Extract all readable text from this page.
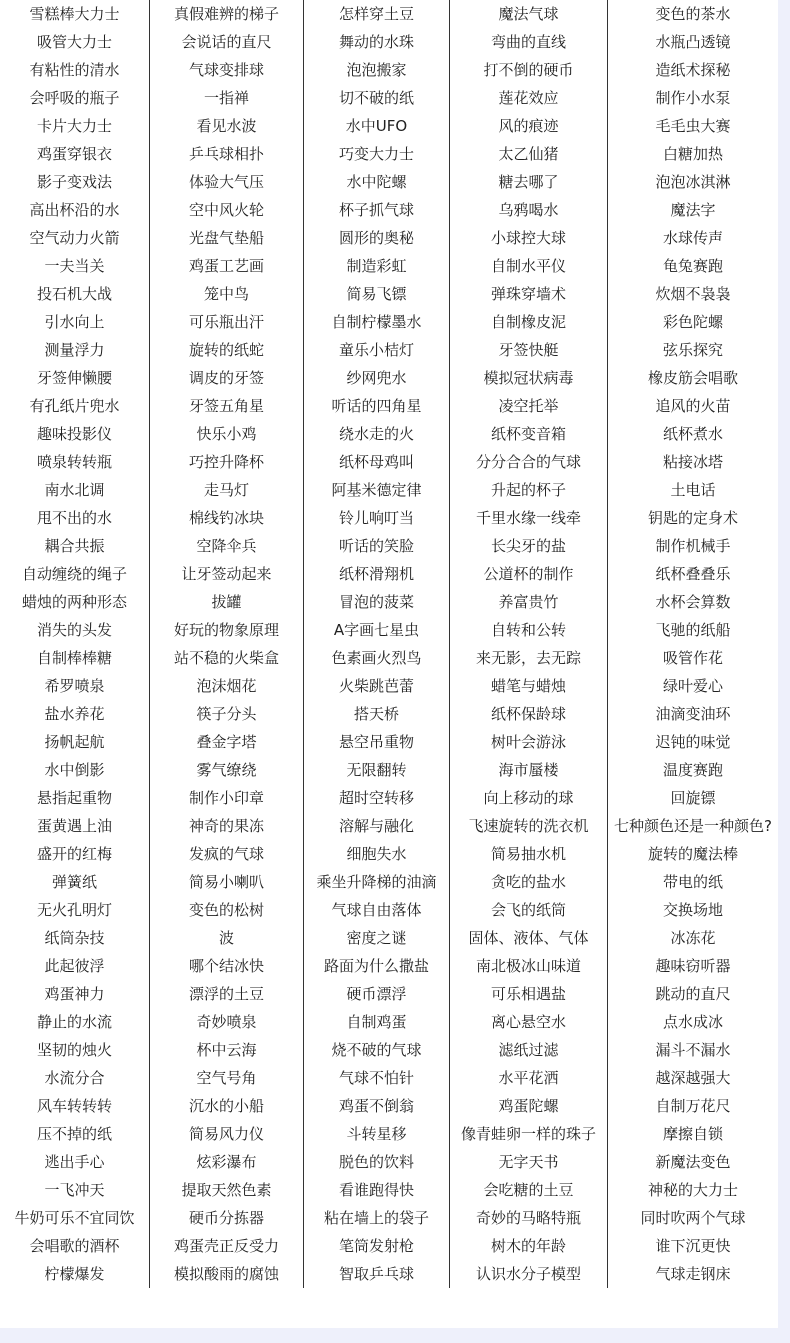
雪糕棒大力士	真假难辨的梯子	怎样穿土豆	魔法气球	变色的茶水
吸管大力士	会说话的直尺	舞动的水珠	弯曲的直线	水瓶凸透镜
有粘性的清水	气球变排球	泡泡搬家	打不倒的硬币	造纸术探秘
会呼吸的瓶子	一指禅	切不破的纸	莲花效应	制作小水泵
卡片大力士	看见水波	水中UFO	风的痕迹	毛毛虫大赛
鸡蛋穿银衣	乒乓球相扑	巧变大力士	太乙仙猪	白糖加热
影子变戏法	体验大气压	水中陀螺	糖去哪了	泡泡冰淇淋
高出杯沿的水	空中风火轮	杯子抓气球	乌鸦喝水	魔法字
空气动力火箭	光盘气垫船	圆形的奥秘	小球控大球	水球传声
一夫当关	鸡蛋工艺画	制造彩虹	自制水平仪	龟兔赛跑
投石机大战	笼中鸟	简易飞镖	弹珠穿墙术	炊烟不袅袅
引水向上	可乐瓶出汗	自制柠檬墨水	自制橡皮泥	彩色陀螺
测量浮力	旋转的纸蛇	童乐小桔灯	牙签快艇	弦乐探究
牙签伸懒腰	调皮的牙签	纱网兜水	模拟冠状病毒	橡皮筋会唱歌
有孔纸片兜水	牙签五角星	听话的四角星	凌空托举	追风的火苗
趣味投影仪	快乐小鸡	绕水走的火	纸杯变音箱	纸杯煮水
喷泉转转瓶	巧控升降杯	纸杯母鸡叫	分分合合的气球	粘接冰塔
南水北调	走马灯	阿基米德定律	升起的杯子	土电话
甩不出的水	棉线钓冰块	铃儿响叮当	千里水缘一线牵	钥匙的定身术
耦合共振	空降伞兵	听话的笑脸	长尖牙的盐	制作机械手
自动缠绕的绳子	让牙签动起来	纸杯滑翔机	公道杯的制作	纸杯叠叠乐
蜡烛的两种形态	拔罐	冒泡的菠菜	养富贵竹	水杯会算数
消失的头发	好玩的物象原理	A字画七星虫	自转和公转	飞驰的纸船
自制棒棒糖	站不稳的火柴盒	色素画火烈鸟	来无影，去无踪	吸管作花
希罗喷泉	泡沫烟花	火柴跳芭蕾	蜡笔与蜡烛	绿叶爱心
盐水养花	筷子分头	搭天桥	纸杯保龄球	油滴变油环
扬帆起航	叠金字塔	悬空吊重物	树叶会游泳	迟钝的味觉
水中倒影	雾气缭绕	无限翻转	海市蜃楼	温度赛跑
悬指起重物	制作小印章	超时空转移	向上移动的球	回旋镖
蛋黄遇上油	神奇的果冻	溶解与融化	飞速旋转的洗衣机	七种颜色还是一种颜色?
盛开的红梅	发疯的气球	细胞失水	简易抽水机	旋转的魔法棒
弹簧纸	简易小喇叭	乘坐升降梯的油滴	贪吃的盐水	带电的纸
无火孔明灯	变色的松树	气球自由落体	会飞的纸筒	交换场地
纸筒杂技	波	密度之谜	固体、液体、气体	冰冻花
此起彼浮	哪个结冰快	路面为什么撒盐	南北极冰山味道	趣味窃听器
鸡蛋神力	漂浮的土豆	硬币漂浮	可乐相遇盐	跳动的直尺
静止的水流	奇妙喷泉	自制鸡蛋	离心悬空水	点水成冰
坚韧的烛火	杯中云海	烧不破的气球	滤纸过滤	漏斗不漏水
水流分合	空气号角	气球不怕针	水平花洒	越深越强大
风车转转转	沉水的小船	鸡蛋不倒翁	鸡蛋陀螺	自制万花尺
压不掉的纸	简易风力仪	斗转星移	像青蛙卵一样的珠子	摩擦自锁
逃出手心	炫彩瀑布	脱色的饮料	无字天书	新魔法变色
一飞冲天	提取天然色素	看谁跑得快	会吃糖的土豆	神秘的大力士
牛奶可乐不宜同饮	硬币分拣器	粘在墙上的袋子	奇妙的马略特瓶	同时吹两个气球
会唱歌的酒杯	鸡蛋壳正反受力	笔筒发射枪	树木的年龄	谁下沉更快
柠檬爆发	模拟酸雨的腐蚀	智取乒乓球	认识水分子模型	气球走钢床
